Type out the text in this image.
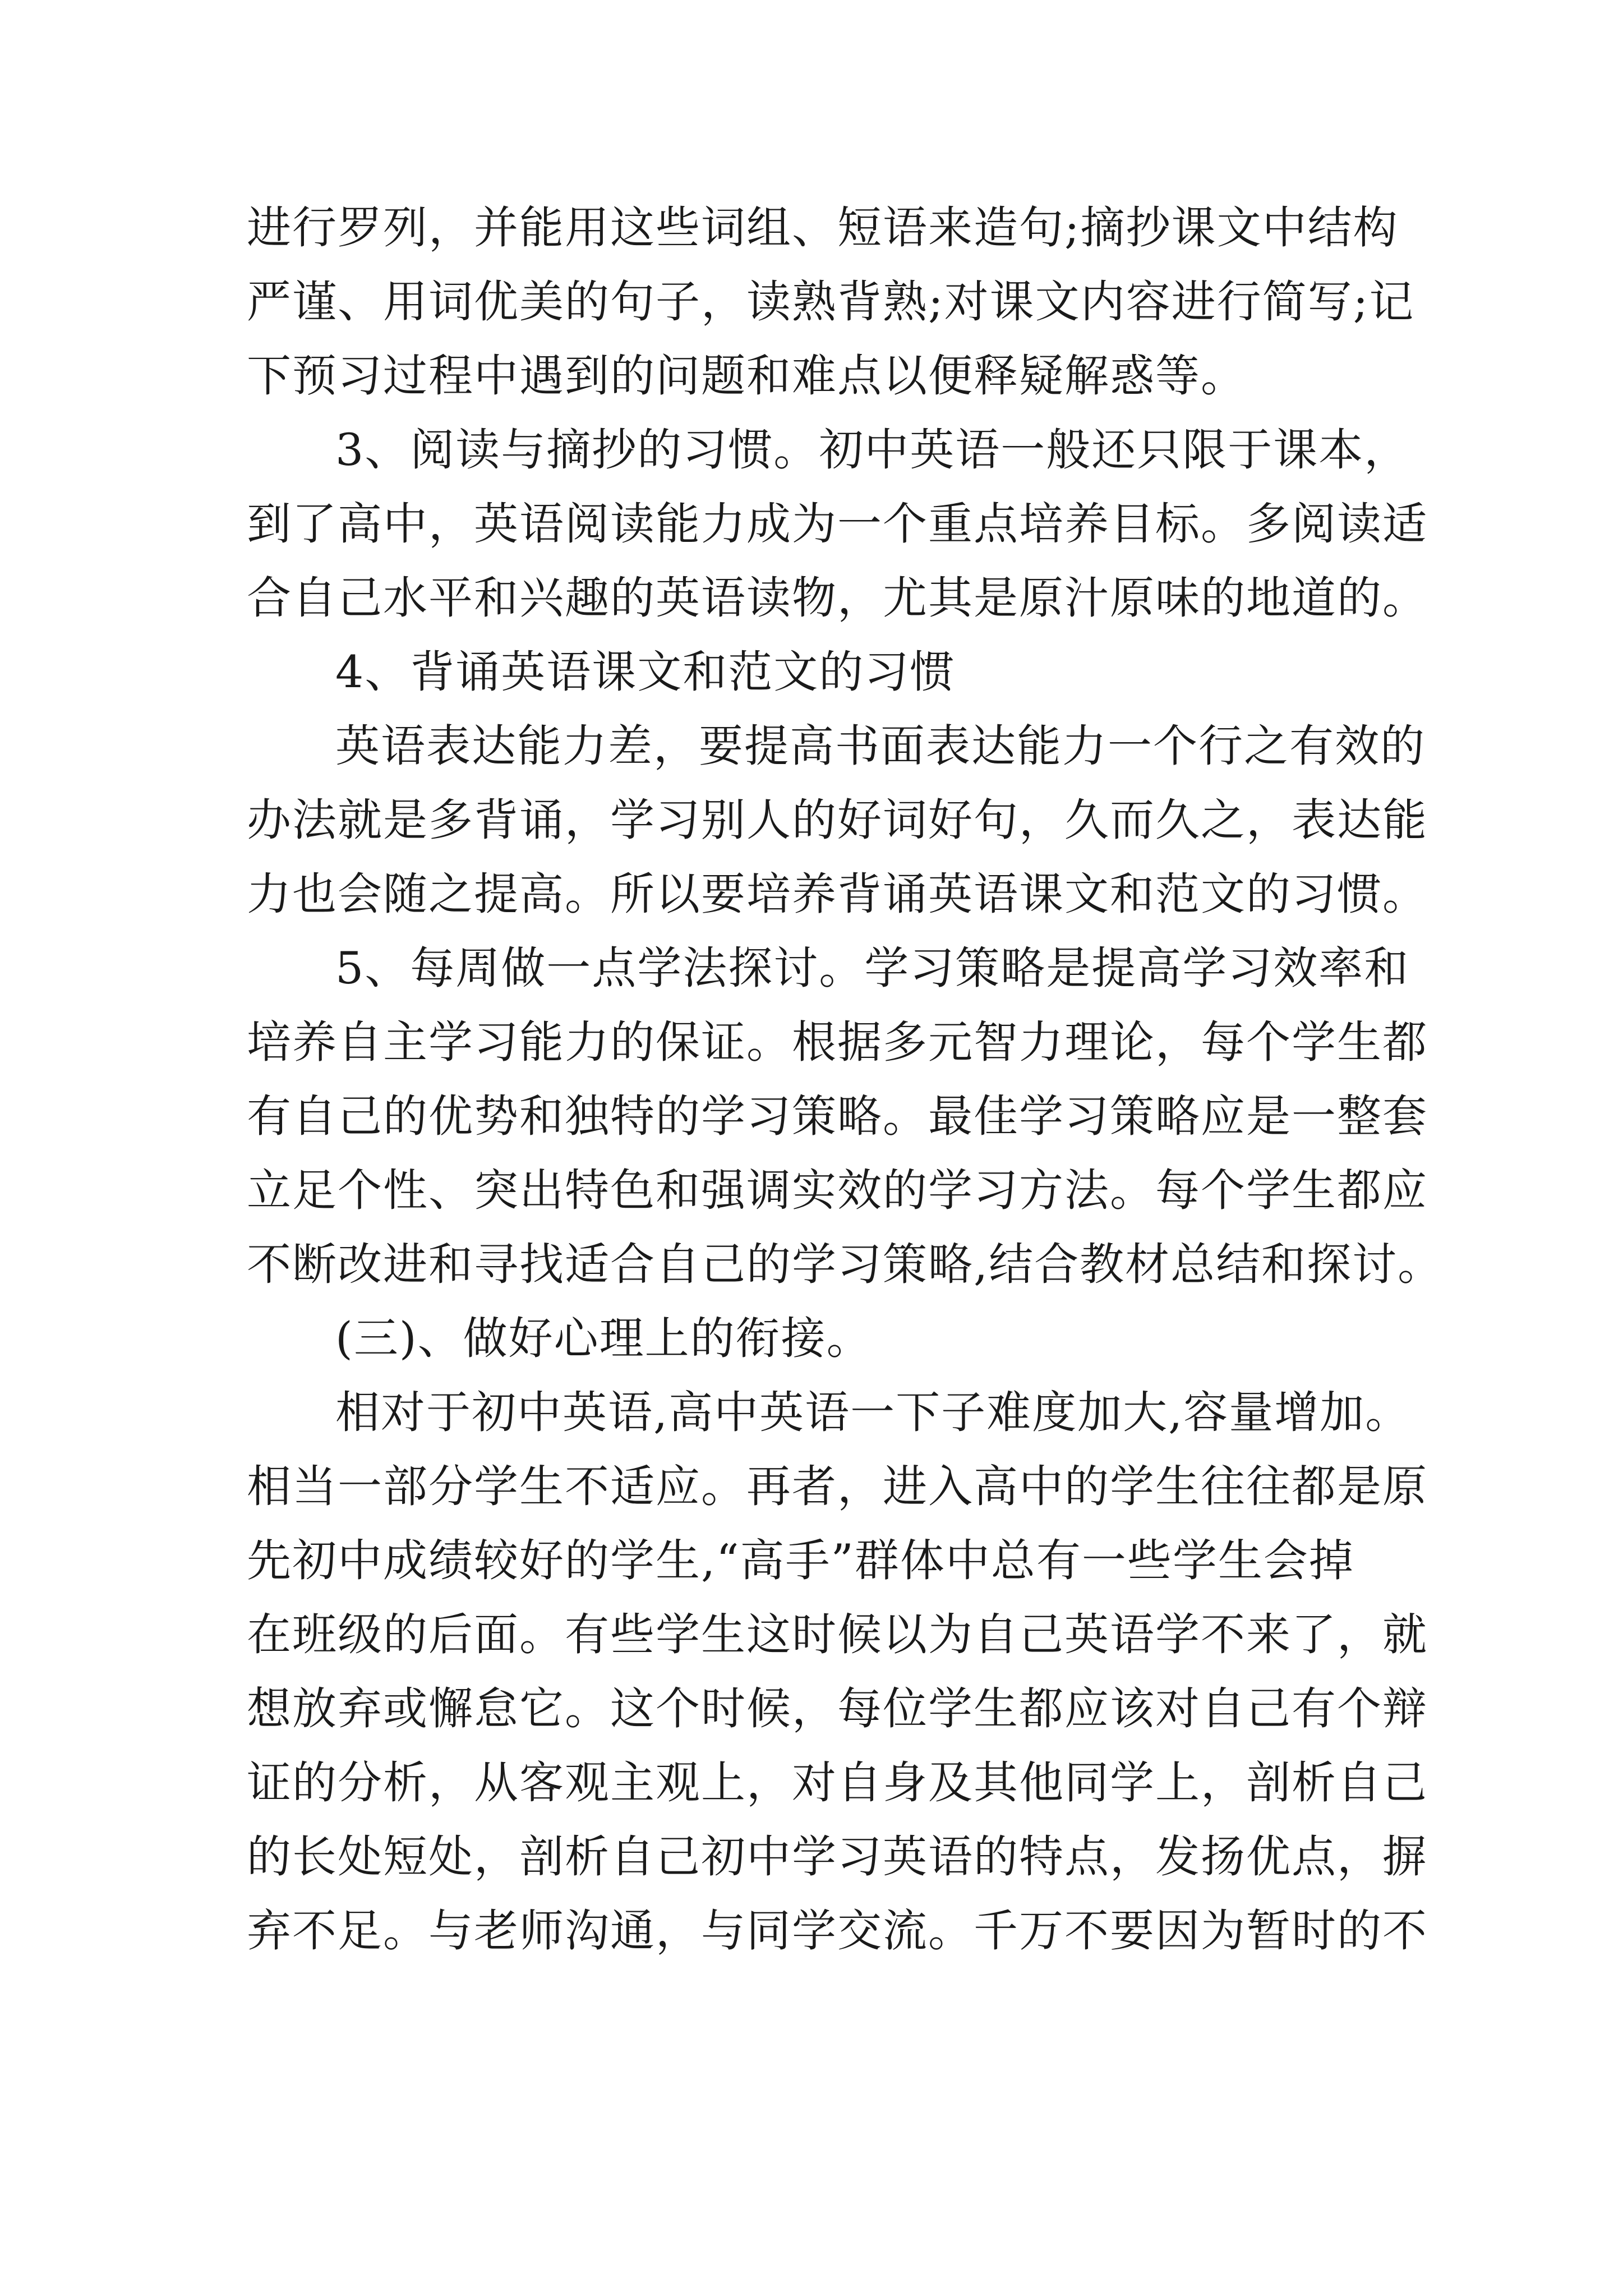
进行罗列，并能用这些词组、短语来造句;摘抄课文中结构
严谨、用词优美的句子，读熟背熟;对课文内容进行简写;记
下预习过程中遇到的问题和难点以便释疑解惑等。
3、阅读与摘抄的习惯。初中英语一般还只限于课本，
到了高中，英语阅读能力成为一个重点培养目标。多阅读适
合自己水平和兴趣的英语读物，尤其是原汁原味的地道的。
4、背诵英语课文和范文的习惯
英语表达能力差，要提高书面表达能力一个行之有效的
办法就是多背诵，学习别人的好词好句，久而久之，表达能
力也会随之提高。所以要培养背诵英语课文和范文的习惯。
5、每周做一点学法探讨。学习策略是提高学习效率和
培养自主学习能力的保证。根据多元智力理论，每个学生都
有自己的优势和独特的学习策略。最佳学习策略应是一整套
立足个性、突出特色和强调实效的学习方法。每个学生都应
不断改进和寻找适合自己的学习策略,结合教材总结和探讨。
(三)、做好心理上的衔接。
相对于初中英语,高中英语一下子难度加大,容量增加。
相当一部分学生不适应。再者，进入高中的学生往往都是原
先初中成绩较好的学生,“高手”群体中总有一些学生会掉
在班级的后面。有些学生这时候以为自己英语学不来了，就
想放弃或懈怠它。这个时候，每位学生都应该对自己有个辩
证的分析，从客观主观上，对自身及其他同学上，剖析自己
的长处短处，剖析自己初中学习英语的特点，发扬优点，摒
弃不足。与老师沟通，与同学交流。千万不要因为暂时的不
